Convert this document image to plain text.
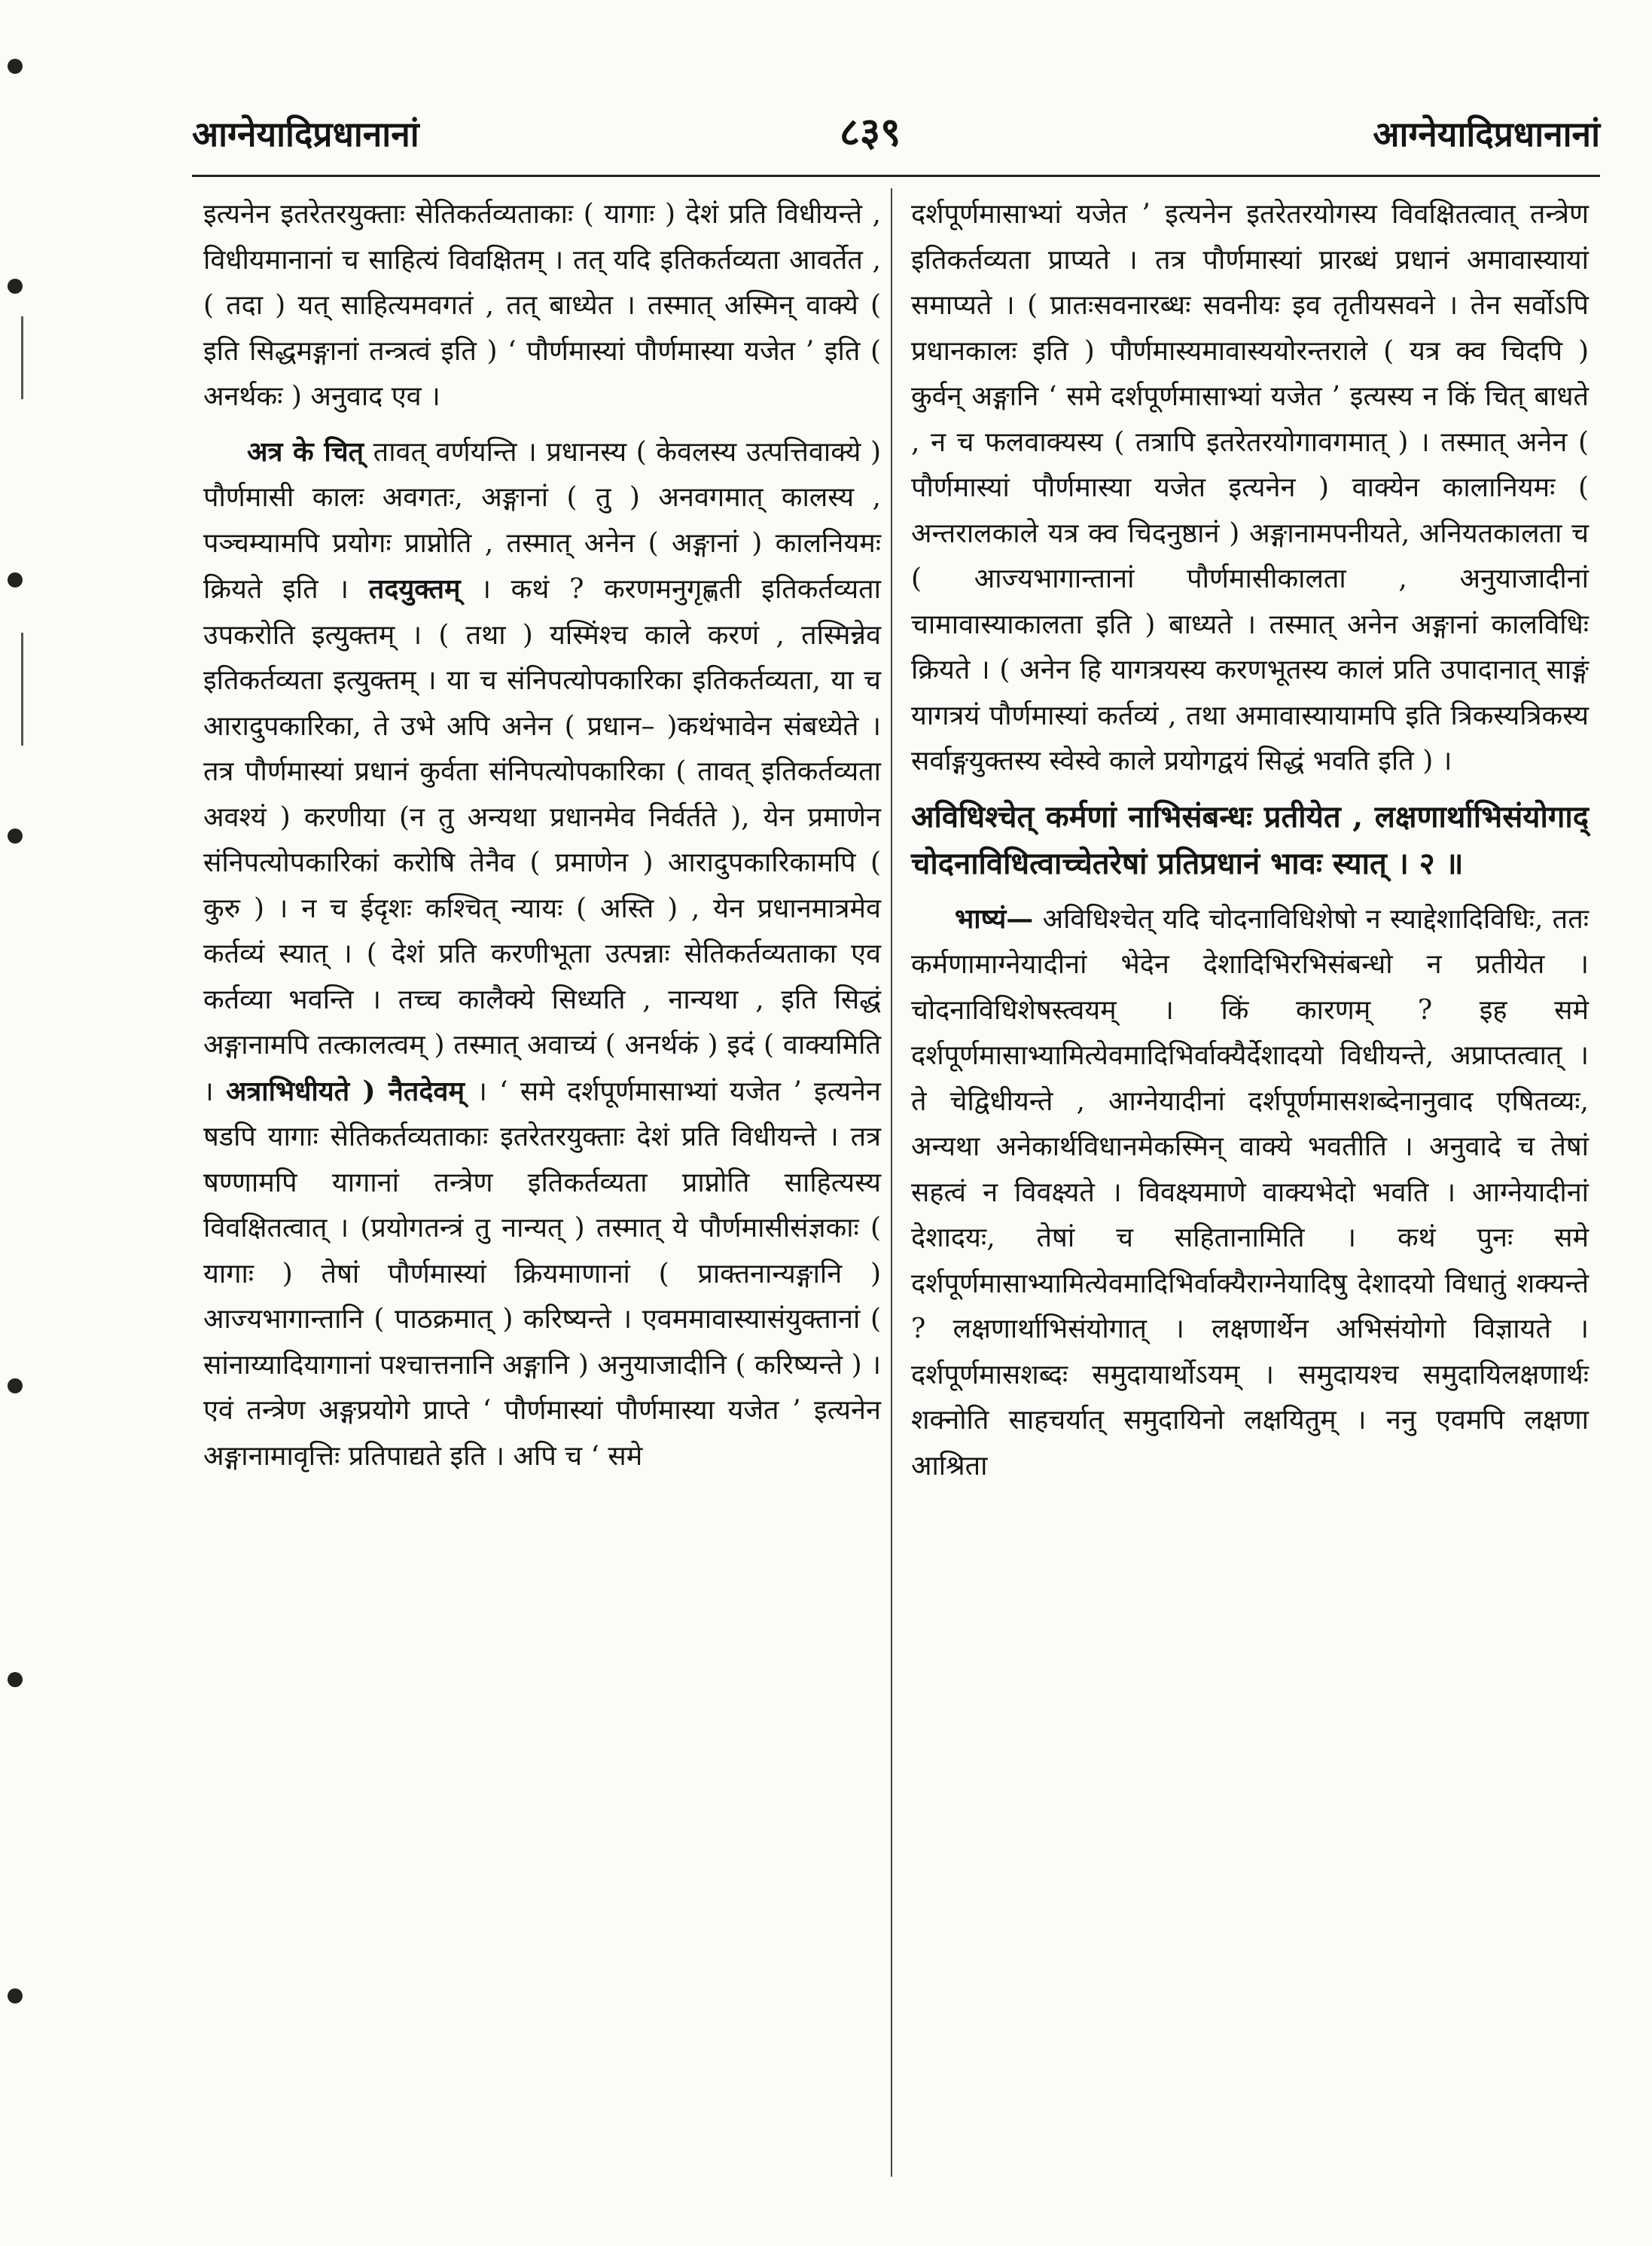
आग्नेयादिप्रधानानां	८३९	आग्नेयादिप्रधानानां

इत्यनेन इतरेतरयुक्ताः सेतिकर्तव्यताकाः ( यागाः ) देशं प्रति विधीयन्ते , विधीयमानानां च साहित्यं विवक्षितम् । तत् यदि इतिकर्तव्यता आवर्तेत , ( तदा ) यत् साहित्यमवगतं , तत् बाध्येत । तस्मात् अस्मिन् वाक्ये ( इति सिद्धमङ्गानां तन्त्रत्वं इति ) ‘ पौर्णमास्यां पौर्णमास्या यजेत ’ इति ( अनर्थकः ) अनुवाद एव ।

अत्र के चित् तावत् वर्णयन्ति । प्रधानस्य ( केवलस्य उत्पत्तिवाक्ये ) पौर्णमासी कालः अवगतः, अङ्गानां ( तु ) अनवगमात् कालस्य , पञ्चम्यामपि प्रयोगः प्राप्नोति , तस्मात् अनेन ( अङ्गानां ) कालनियमः क्रियते इति । तदयुक्तम् । कथं ? करणमनुगृह्णती इतिकर्तव्यता उपकरोति इत्युक्तम् । ( तथा ) यस्मिंश्च काले करणं , तस्मिन्नेव इतिकर्तव्यता इत्युक्तम् । या च संनिपत्योपकारिका इतिकर्तव्यता, या च आरादुपकारिका, ते उभे अपि अनेन ( प्रधान– )कथंभावेन संबध्येते । तत्र पौर्णमास्यां प्रधानं कुर्वता संनिपत्योपकारिका ( तावत् इतिकर्तव्यता अवश्यं ) करणीया (न तु अन्यथा प्रधानमेव निर्वर्तते ), येन प्रमाणेन संनिपत्योपकारिकां करोषि तेनैव ( प्रमाणेन ) आरादुपकारिकामपि ( कुरु ) । न च ईदृशः कश्चित् न्यायः ( अस्ति ) , येन प्रधानमात्रमेव कर्तव्यं स्यात् । ( देशं प्रति करणीभूता उत्पन्नाः सेतिकर्तव्यताका एव कर्तव्या भवन्ति । तच्च कालैक्ये सिध्यति , नान्यथा , इति सिद्धं अङ्गानामपि तत्कालत्वम् ) तस्मात् अवाच्यं ( अनर्थकं ) इदं ( वाक्यमिति । अत्राभिधीयते ) नैतदेवम् । ‘ समे दर्शपूर्णमासाभ्यां यजेत ’ इत्यनेन षडपि यागाः सेतिकर्तव्यताकाः इतरेतरयुक्ताः देशं प्रति विधीयन्ते । तत्र षण्णामपि यागानां तन्त्रेण इतिकर्तव्यता प्राप्नोति साहित्यस्य विवक्षितत्वात् । (प्रयोगतन्त्रं तु नान्यत् ) तस्मात् ये पौर्णमासीसंज्ञकाः ( यागाः ) तेषां पौर्णमास्यां क्रियमाणानां ( प्राक्तनान्यङ्गानि ) आज्यभागान्तानि ( पाठक्रमात् ) करिष्यन्ते । एवममावास्यासंयुक्तानां ( सांनाय्यादियागानां पश्चात्तनानि अङ्गानि ) अनुयाजादीनि ( करिष्यन्ते ) । एवं तन्त्रेण अङ्गप्रयोगे प्राप्ते ‘ पौर्णमास्यां पौर्णमास्या यजेत ’ इत्यनेन अङ्गानामावृत्तिः प्रतिपाद्यते इति । अपि च ‘ समे

दर्शपूर्णमासाभ्यां यजेत ’ इत्यनेन इतरेतरयोगस्य विवक्षितत्वात् तन्त्रेण इतिकर्तव्यता प्राप्यते । तत्र पौर्णमास्यां प्रारब्धं प्रधानं अमावास्यायां समाप्यते । ( प्रातःसवनारब्धः सवनीयः इव तृतीयसवने । तेन सर्वोऽपि प्रधानकालः इति ) पौर्णमास्यमावास्ययोरन्तराले ( यत्र क्व चिदपि ) कुर्वन् अङ्गानि ‘ समे दर्शपूर्णमासाभ्यां यजेत ’ इत्यस्य न किं चित् बाधते , न च फलवाक्यस्य ( तत्रापि इतरेतरयोगावगमात् ) । तस्मात् अनेन ( पौर्णमास्यां पौर्णमास्या यजेत इत्यनेन ) वाक्येन कालानियमः ( अन्तरालकाले यत्र क्व चिदनुष्ठानं ) अङ्गानामपनीयते, अनियतकालता च ( आज्यभागान्तानां पौर्णमासीकालता , अनुयाजादीनां चामावास्याकालता इति ) बाध्यते । तस्मात् अनेन अङ्गानां कालविधिः क्रियते । ( अनेन हि यागत्रयस्य करणभूतस्य कालं प्रति उपादानात् साङ्गं यागत्रयं पौर्णमास्यां कर्तव्यं , तथा अमावास्यायामपि इति त्रिकस्यत्रिकस्य सर्वाङ्गयुक्तस्य स्वेस्वे काले प्रयोगद्वयं सिद्धं भवति इति ) ।

अविधिश्चेत् कर्मणां नाभिसंबन्धः प्रतीयेत , लक्षणार्थाभिसंयोगाद् चोदनाविधित्वाच्चेतरेषां प्रतिप्रधानं भावः स्यात् । २ ॥

भाष्यं— अविधिश्चेत् यदि चोदनाविधिशेषो न स्याद्देशादिविधिः, ततः कर्मणामाग्नेयादीनां भेदेन देशादिभिरभिसंबन्धो न प्रतीयेत । चोदनाविधिशेषस्त्वयम् । किं कारणम् ? इह समे दर्शपूर्णमासाभ्यामित्येवमादिभिर्वाक्यैर्देशादयो विधीयन्ते, अप्राप्तत्वात् । ते चेद्विधीयन्ते , आग्नेयादीनां दर्शपूर्णमासशब्देनानुवाद एषितव्यः, अन्यथा अनेकार्थविधानमेकस्मिन् वाक्ये भवतीति । अनुवादे च तेषां सहत्वं न विवक्ष्यते । विवक्ष्यमाणे वाक्यभेदो भवति । आग्नेयादीनां देशादयः, तेषां च सहितानामिति । कथं पुनः समे दर्शपूर्णमासाभ्यामित्येवमादिभिर्वाक्यैराग्नेयादिषु देशादयो विधातुं शक्यन्ते ? लक्षणार्थाभिसंयोगात् । लक्षणार्थेन अभिसंयोगो विज्ञायते । दर्शपूर्णमासशब्दः समुदायार्थोऽयम् । समुदायश्च समुदायिलक्षणार्थः शक्नोति साहचर्यात् समुदायिनो लक्षयितुम् । ननु एवमपि लक्षणा आश्रिता
